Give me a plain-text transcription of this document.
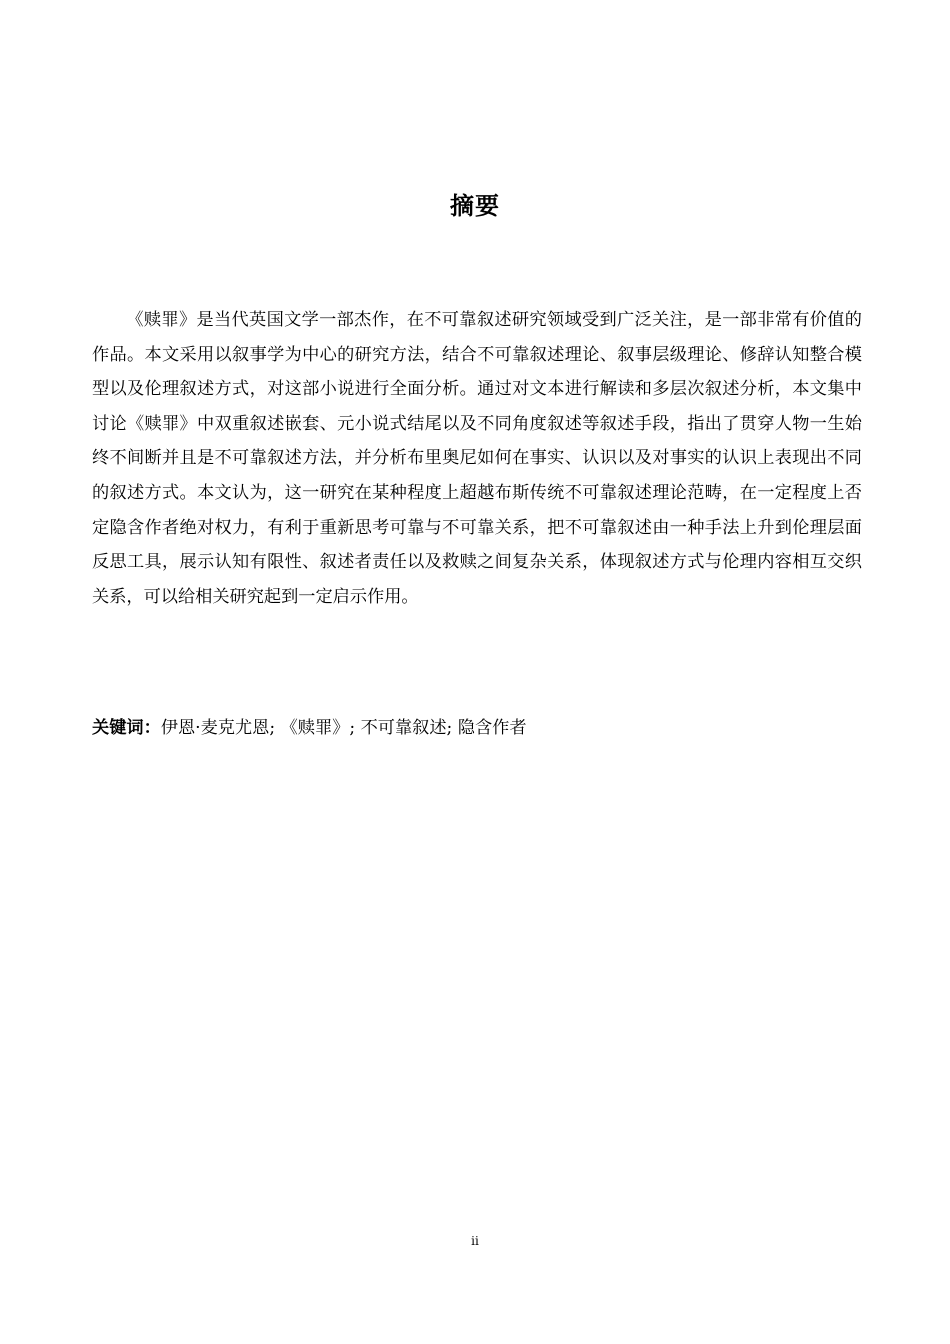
摘要

《赎罪》是当代英国文学一部杰作，在不可靠叙述研究领域受到广泛关注，是一部非常有价值的作品。本文采用以叙事学为中心的研究方法，结合不可靠叙述理论、叙事层级理论、修辞认知整合模型以及伦理叙述方式，对这部小说进行全面分析。通过对文本进行解读和多层次叙述分析，本文集中讨论《赎罪》中双重叙述嵌套、元小说式结尾以及不同角度叙述等叙述手段，指出了贯穿人物一生始终不间断并且是不可靠叙述方法，并分析布里奥尼如何在事实、认识以及对事实的认识上表现出不同的叙述方式。本文认为，这一研究在某种程度上超越布斯传统不可靠叙述理论范畴，在一定程度上否定隐含作者绝对权力，有利于重新思考可靠与不可靠关系，把不可靠叙述由一种手法上升到伦理层面反思工具，展示认知有限性、叙述者责任以及救赎之间复杂关系，体现叙述方式与伦理内容相互交织关系，可以给相关研究起到一定启示作用。

关键词：伊恩·麦克尤恩; 《赎罪》; 不可靠叙述; 隐含作者

ii
